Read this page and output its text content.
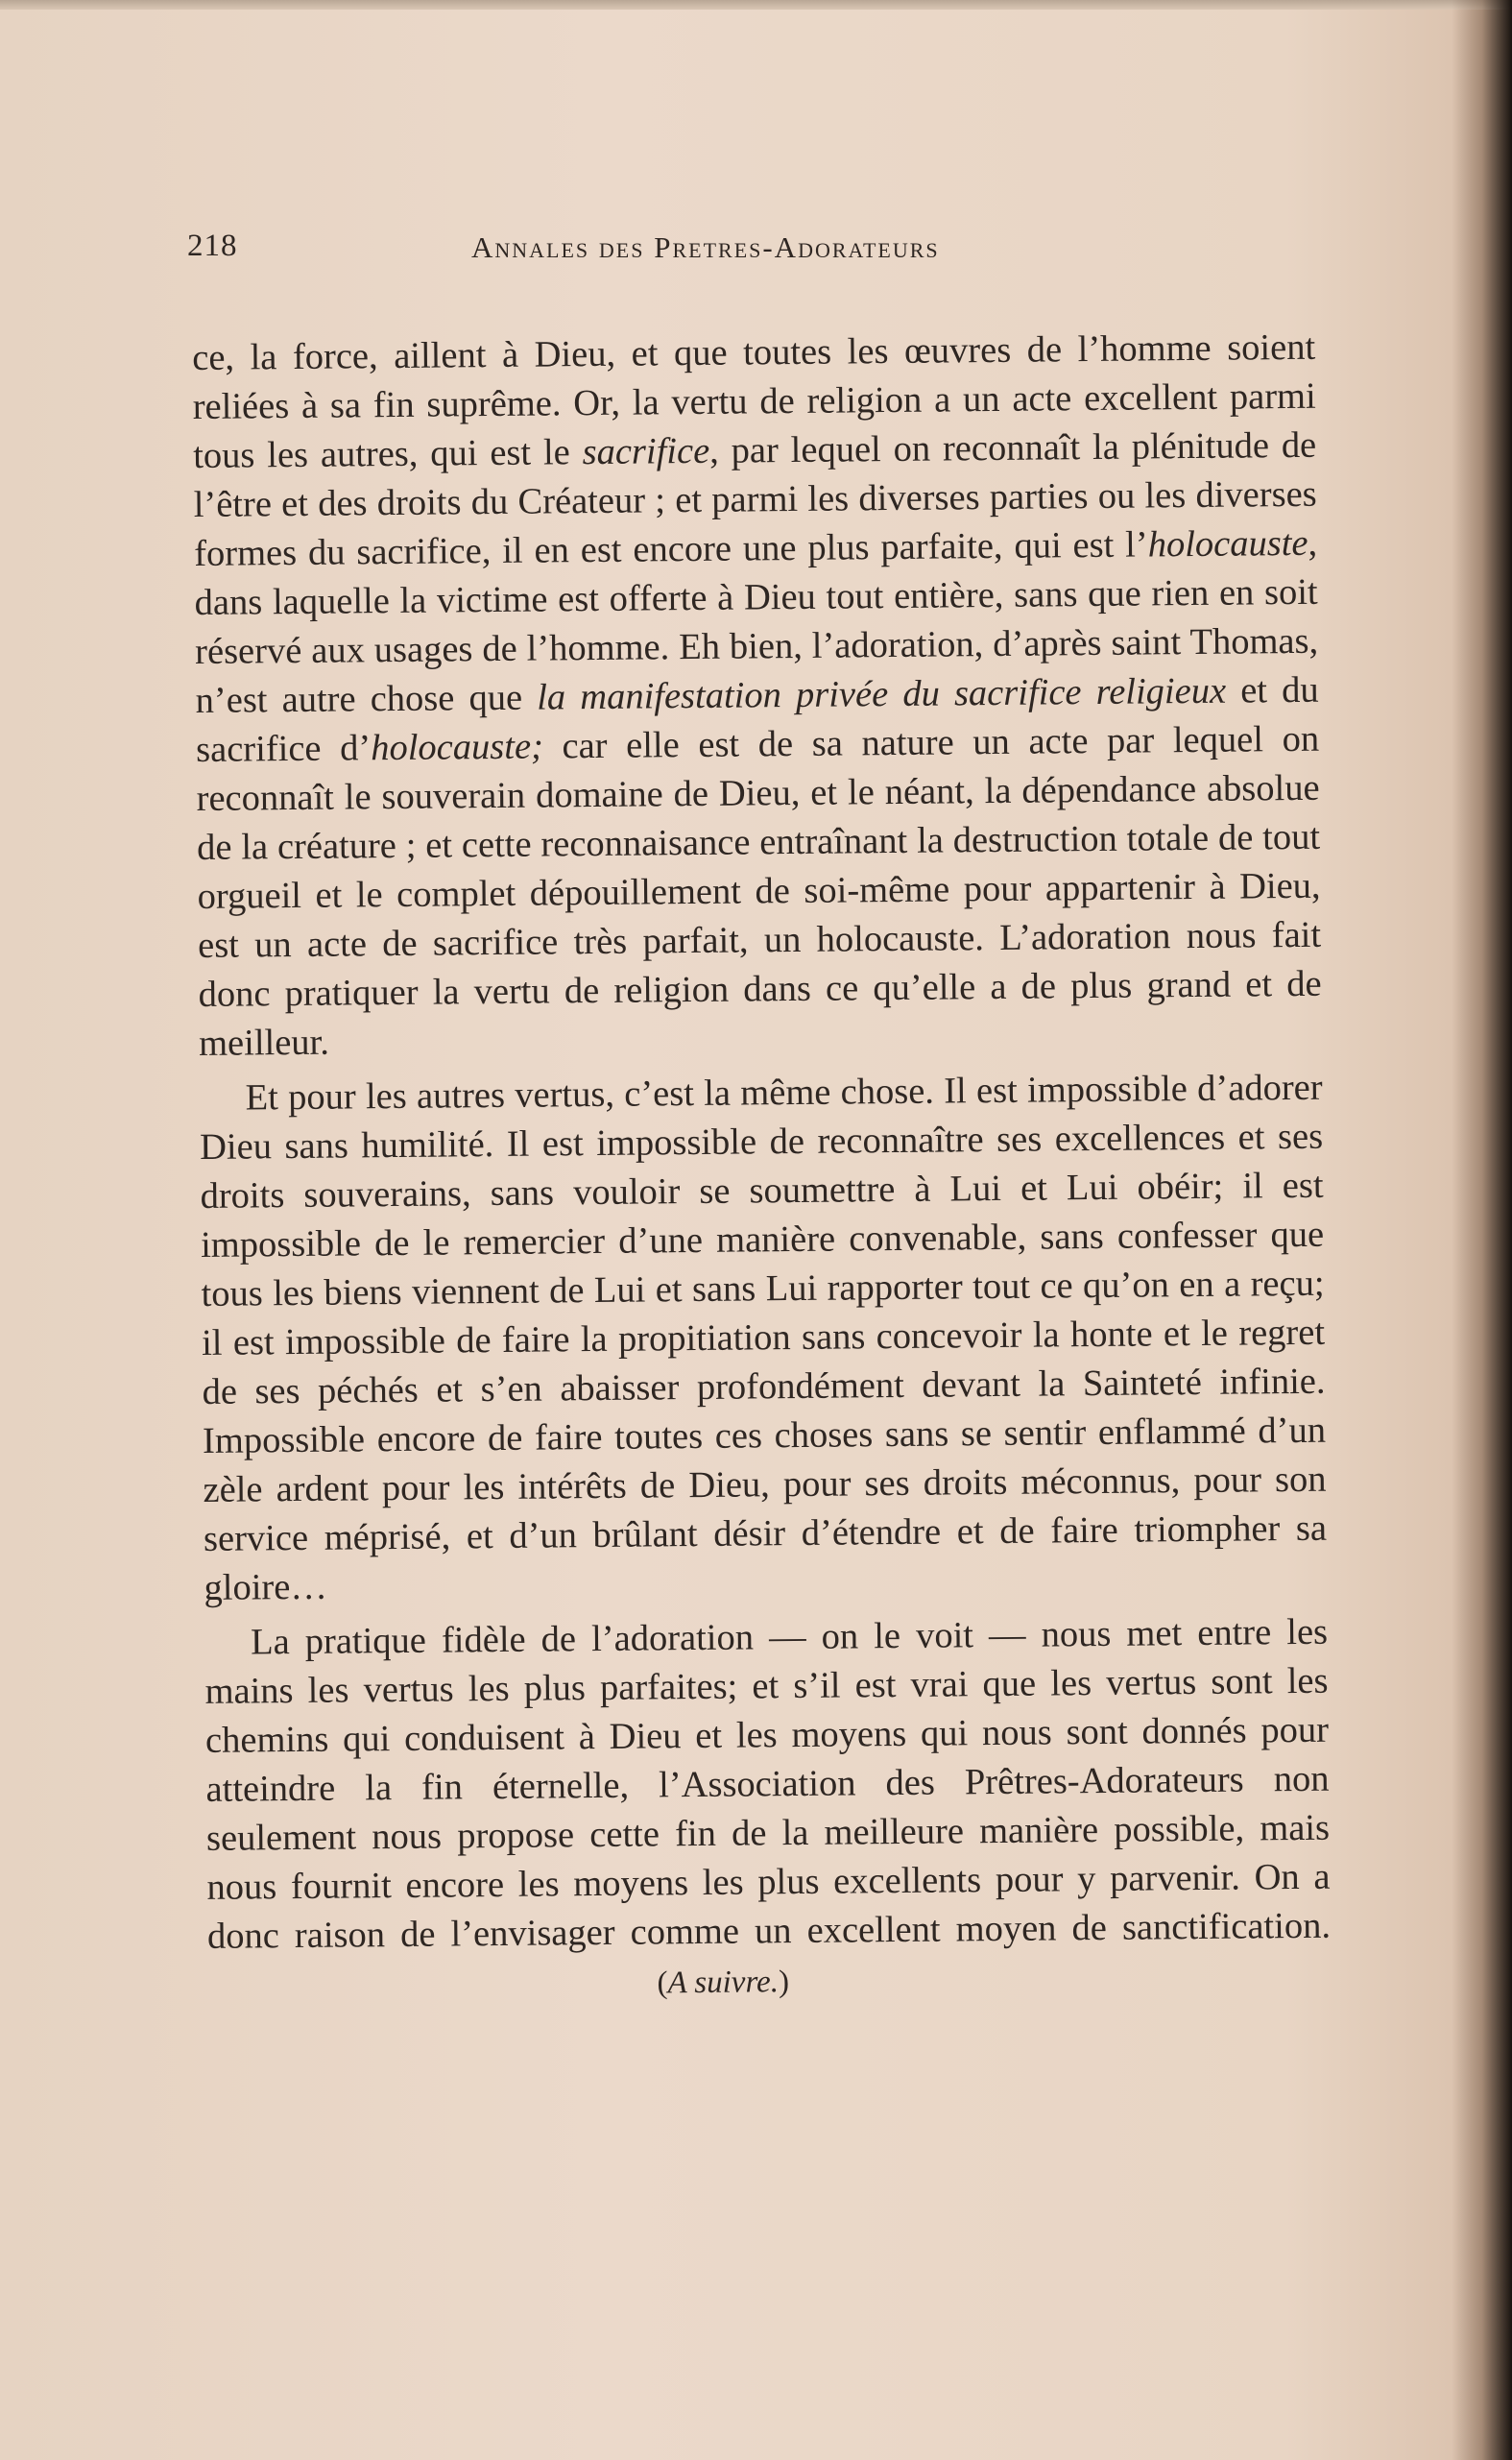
218	Annales des Pretres-Adorateurs

ce, la force, aillent à Dieu, et que toutes les œuvres de l’homme soient reliées à sa fin suprême. Or, la vertu de religion a un acte excellent parmi tous les autres, qui est le sacrifice, par lequel on reconnaît la plénitude de l’être et des droits du Créateur ; et parmi les diverses parties ou les diverses formes du sacrifice, il en est encore une plus parfaite, qui est l’holocauste, dans laquelle la victime est offerte à Dieu tout entière, sans que rien en soit réservé aux usages de l’homme. Eh bien, l’adoration, d’après saint Thomas, n’est autre chose que la manifestation privée du sacrifice religieux et du sacrifice d’holocauste; car elle est de sa nature un acte par lequel on reconnaît le souverain domaine de Dieu, et le néant, la dépendance absolue de la créature ; et cette reconnaisance entraînant la destruction totale de tout orgueil et le complet dépouillement de soi-même pour appartenir à Dieu, est un acte de sacrifice très parfait, un holocauste. L’adoration nous fait donc pratiquer la vertu de religion dans ce qu’elle a de plus grand et de meilleur.

Et pour les autres vertus, c’est la même chose. Il est impossible d’adorer Dieu sans humilité. Il est impossible de reconnaître ses excellences et ses droits souverains, sans vouloir se soumettre à Lui et Lui obéir; il est impossible de le remercier d’une manière convenable, sans confesser que tous les biens viennent de Lui et sans Lui rapporter tout ce qu’on en a reçu; il est impossible de faire la propitiation sans concevoir la honte et le regret de ses péchés et s’en abaisser profondément devant la Sainteté infinie. Impossible encore de faire toutes ces choses sans se sentir enflammé d’un zèle ardent pour les intérêts de Dieu, pour ses droits méconnus, pour son service méprisé, et d’un brûlant désir d’étendre et de faire triompher sa gloire…

La pratique fidèle de l’adoration — on le voit — nous met entre les mains les vertus les plus parfaites; et s’il est vrai que les vertus sont les chemins qui conduisent à Dieu et les moyens qui nous sont donnés pour atteindre la fin éternelle, l’Association des Prêtres-Adorateurs non seulement nous propose cette fin de la meilleure manière possible, mais nous fournit encore les moyens les plus excellents pour y parvenir. On a donc raison de l’envisager comme un excellent moyen de sanctification. (A suivre.)
